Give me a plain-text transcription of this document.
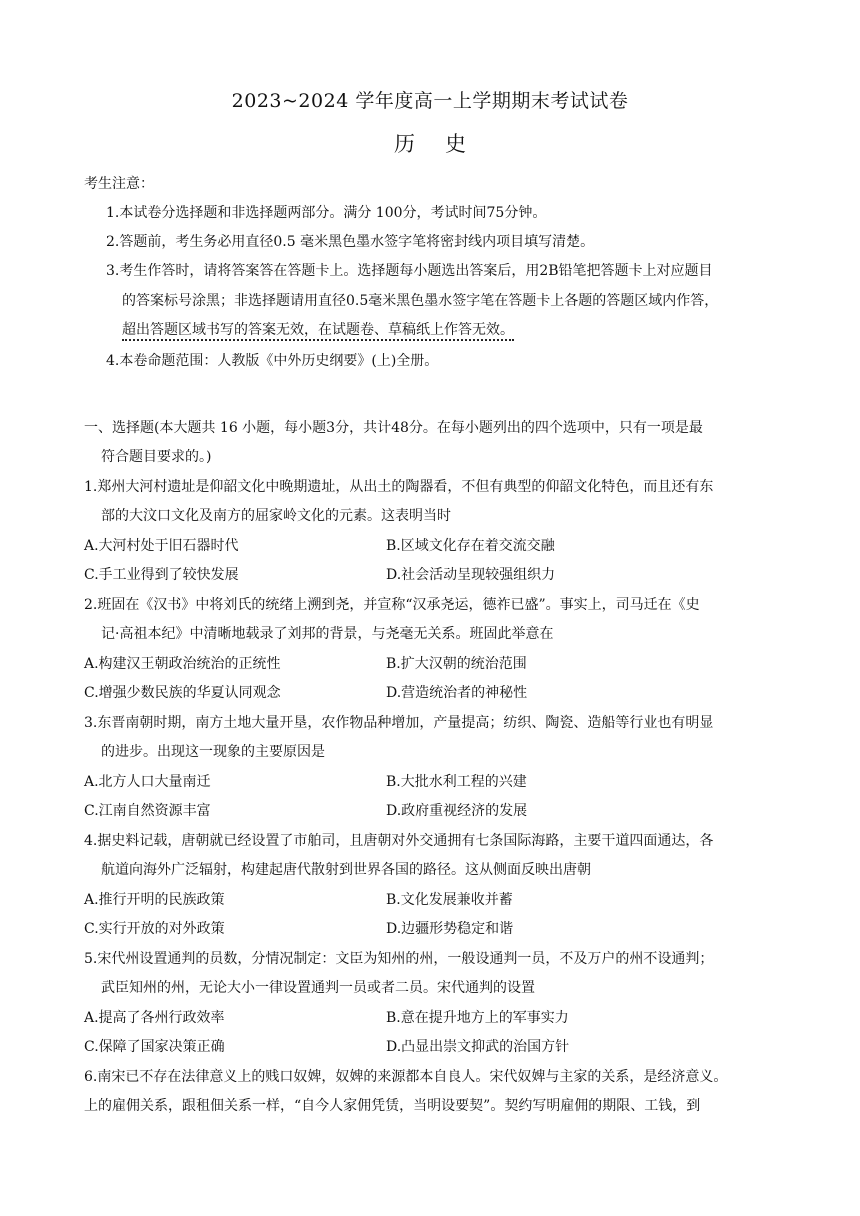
2023~2024 学年度高一上学期期末考试试卷
历史
考生注意：
1.本试卷分选择题和非选择题两部分。满分 100分，考试时间75分钟。
2.答题前，考生务必用直径0.5 毫米黑色墨水签字笔将密封线内项目填写清楚。
3.考生作答时，请将答案答在答题卡上。选择题每小题选出答案后，用2B铅笔把答题卡上对应题目
的答案标号涂黑；非选择题请用直径0.5毫米黑色墨水签字笔在答题卡上各题的答题区域内作答，
超出答题区域书写的答案无效，在试题卷、草稿纸上作答无效。
4.本卷命题范围：人教版《中外历史纲要》(上)全册。
一、选择题(本大题共 16 小题，每小题3分，共计48分。在每小题列出的四个选项中，只有一项是最
符合题目要求的。)
1.郑州大河村遗址是仰韶文化中晚期遗址，从出土的陶器看，不但有典型的仰韶文化特色，而且还有东
部的大汶口文化及南方的屈家岭文化的元素。这表明当时
A.大河村处于旧石器时代	B.区域文化存在着交流交融
C.手工业得到了较快发展	D.社会活动呈现较强组织力
2.班固在《汉书》中将刘氏的统绪上溯到尧，并宣称“汉承尧运，德祚已盛”。事实上，司马迁在《史
记·高祖本纪》中清晰地载录了刘邦的背景，与尧毫无关系。班固此举意在
A.构建汉王朝政治统治的正统性	B.扩大汉朝的统治范围
C.增强少数民族的华夏认同观念	D.营造统治者的神秘性
3.东晋南朝时期，南方土地大量开垦，农作物品种增加，产量提高；纺织、陶瓷、造船等行业也有明显
的进步。出现这一现象的主要原因是
A.北方人口大量南迁	B.大批水利工程的兴建
C.江南自然资源丰富	D.政府重视经济的发展
4.据史料记载，唐朝就已经设置了市舶司，且唐朝对外交通拥有七条国际海路，主要干道四面通达，各
航道向海外广泛辐射，构建起唐代散射到世界各国的路径。这从侧面反映出唐朝
A.推行开明的民族政策	B.文化发展兼收并蓄
C.实行开放的对外政策	D.边疆形势稳定和谐
5.宋代州设置通判的员数，分情况制定：文臣为知州的州，一般设通判一员，不及万户的州不设通判；
武臣知州的州，无论大小一律设置通判一员或者二员。宋代通判的设置
A.提高了各州行政效率	B.意在提升地方上的军事实力
C.保障了国家决策正确	D.凸显出崇文抑武的治国方针
6.南宋已不存在法律意义上的贱口奴婢，奴婢的来源都本自良人。宋代奴婢与主家的关系，是经济意义。
上的雇佣关系，跟租佃关系一样，“自今人家佣凭赁，当明设要契”。契约写明雇佣的期限、工钱，到
